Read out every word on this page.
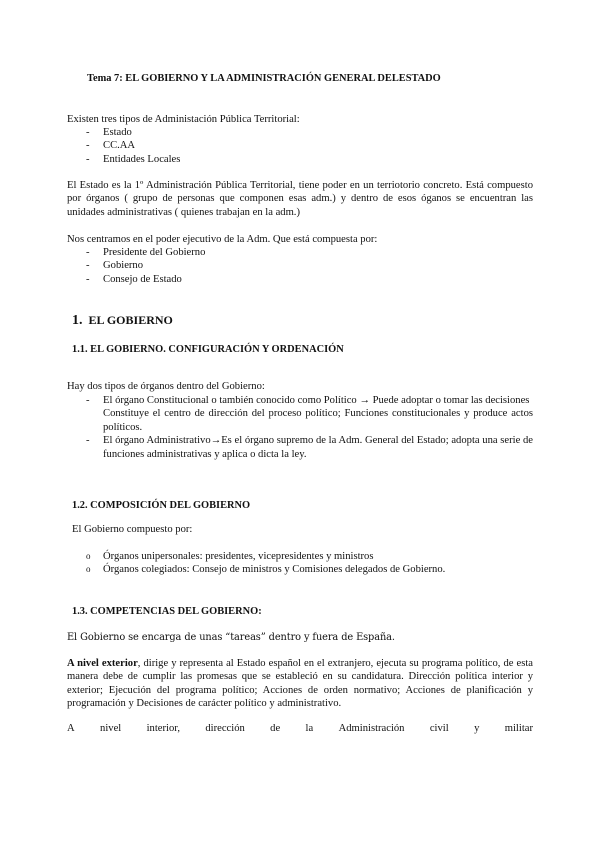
Tema 7: EL GOBIERNO Y LA ADMINISTRACIÓN GENERAL DELESTADO
Existen tres tipos de Administación Pública Territorial:
- Estado
- CC.AA
- Entidades Locales
El Estado es la 1º Administración Pública Territorial, tiene poder en un terriotorio concreto. Está compuesto por órganos ( grupo de personas que componen esas adm.) y dentro de esos óganos se encuentran las unidades administrativas ( quienes trabajan en la adm.)
Nos centramos en el poder ejecutivo de la Adm. Que está compuesta por:
- Presidente del Gobierno
- Gobierno
- Consejo de Estado
1. EL GOBIERNO
1.1. EL GOBIERNO. CONFIGURACIÓN Y ORDENACIÓN
Hay dos tipos de órganos dentro del Gobierno:
- El órgano Constitucional o también conocido como Político → Puede adoptar o tomar las decisiones
Constituye el centro de dirección del proceso político; Funciones constitucionales y produce actos políticos.
- El órgano Administrativo→Es el órgano supremo de la Adm. General del Estado; adopta una serie de funciones administrativas y aplica o dicta la ley.
1.2. COMPOSICIÓN DEL GOBIERNO
El Gobierno compuesto por:
o Órganos unipersonales: presidentes, vicepresidentes y ministros
o Órganos colegiados: Consejo de ministros y Comisiones delegados de Gobierno.
1.3. COMPETENCIAS DEL GOBIERNO:
El Gobierno se encarga de unas “tareas” dentro y fuera de España.
A nivel exterior, dirige y representa al Estado español en el extranjero, ejecuta su programa político, de esta manera debe de cumplir las promesas que se estableció en su candidatura. Dirección política interior y exterior; Ejecución del programa político; Acciones de orden normativo; Acciones de planificación y programación y Decisiones de carácter político y administrativo.
A nivel interior, dirección de la Administración civil y militar
